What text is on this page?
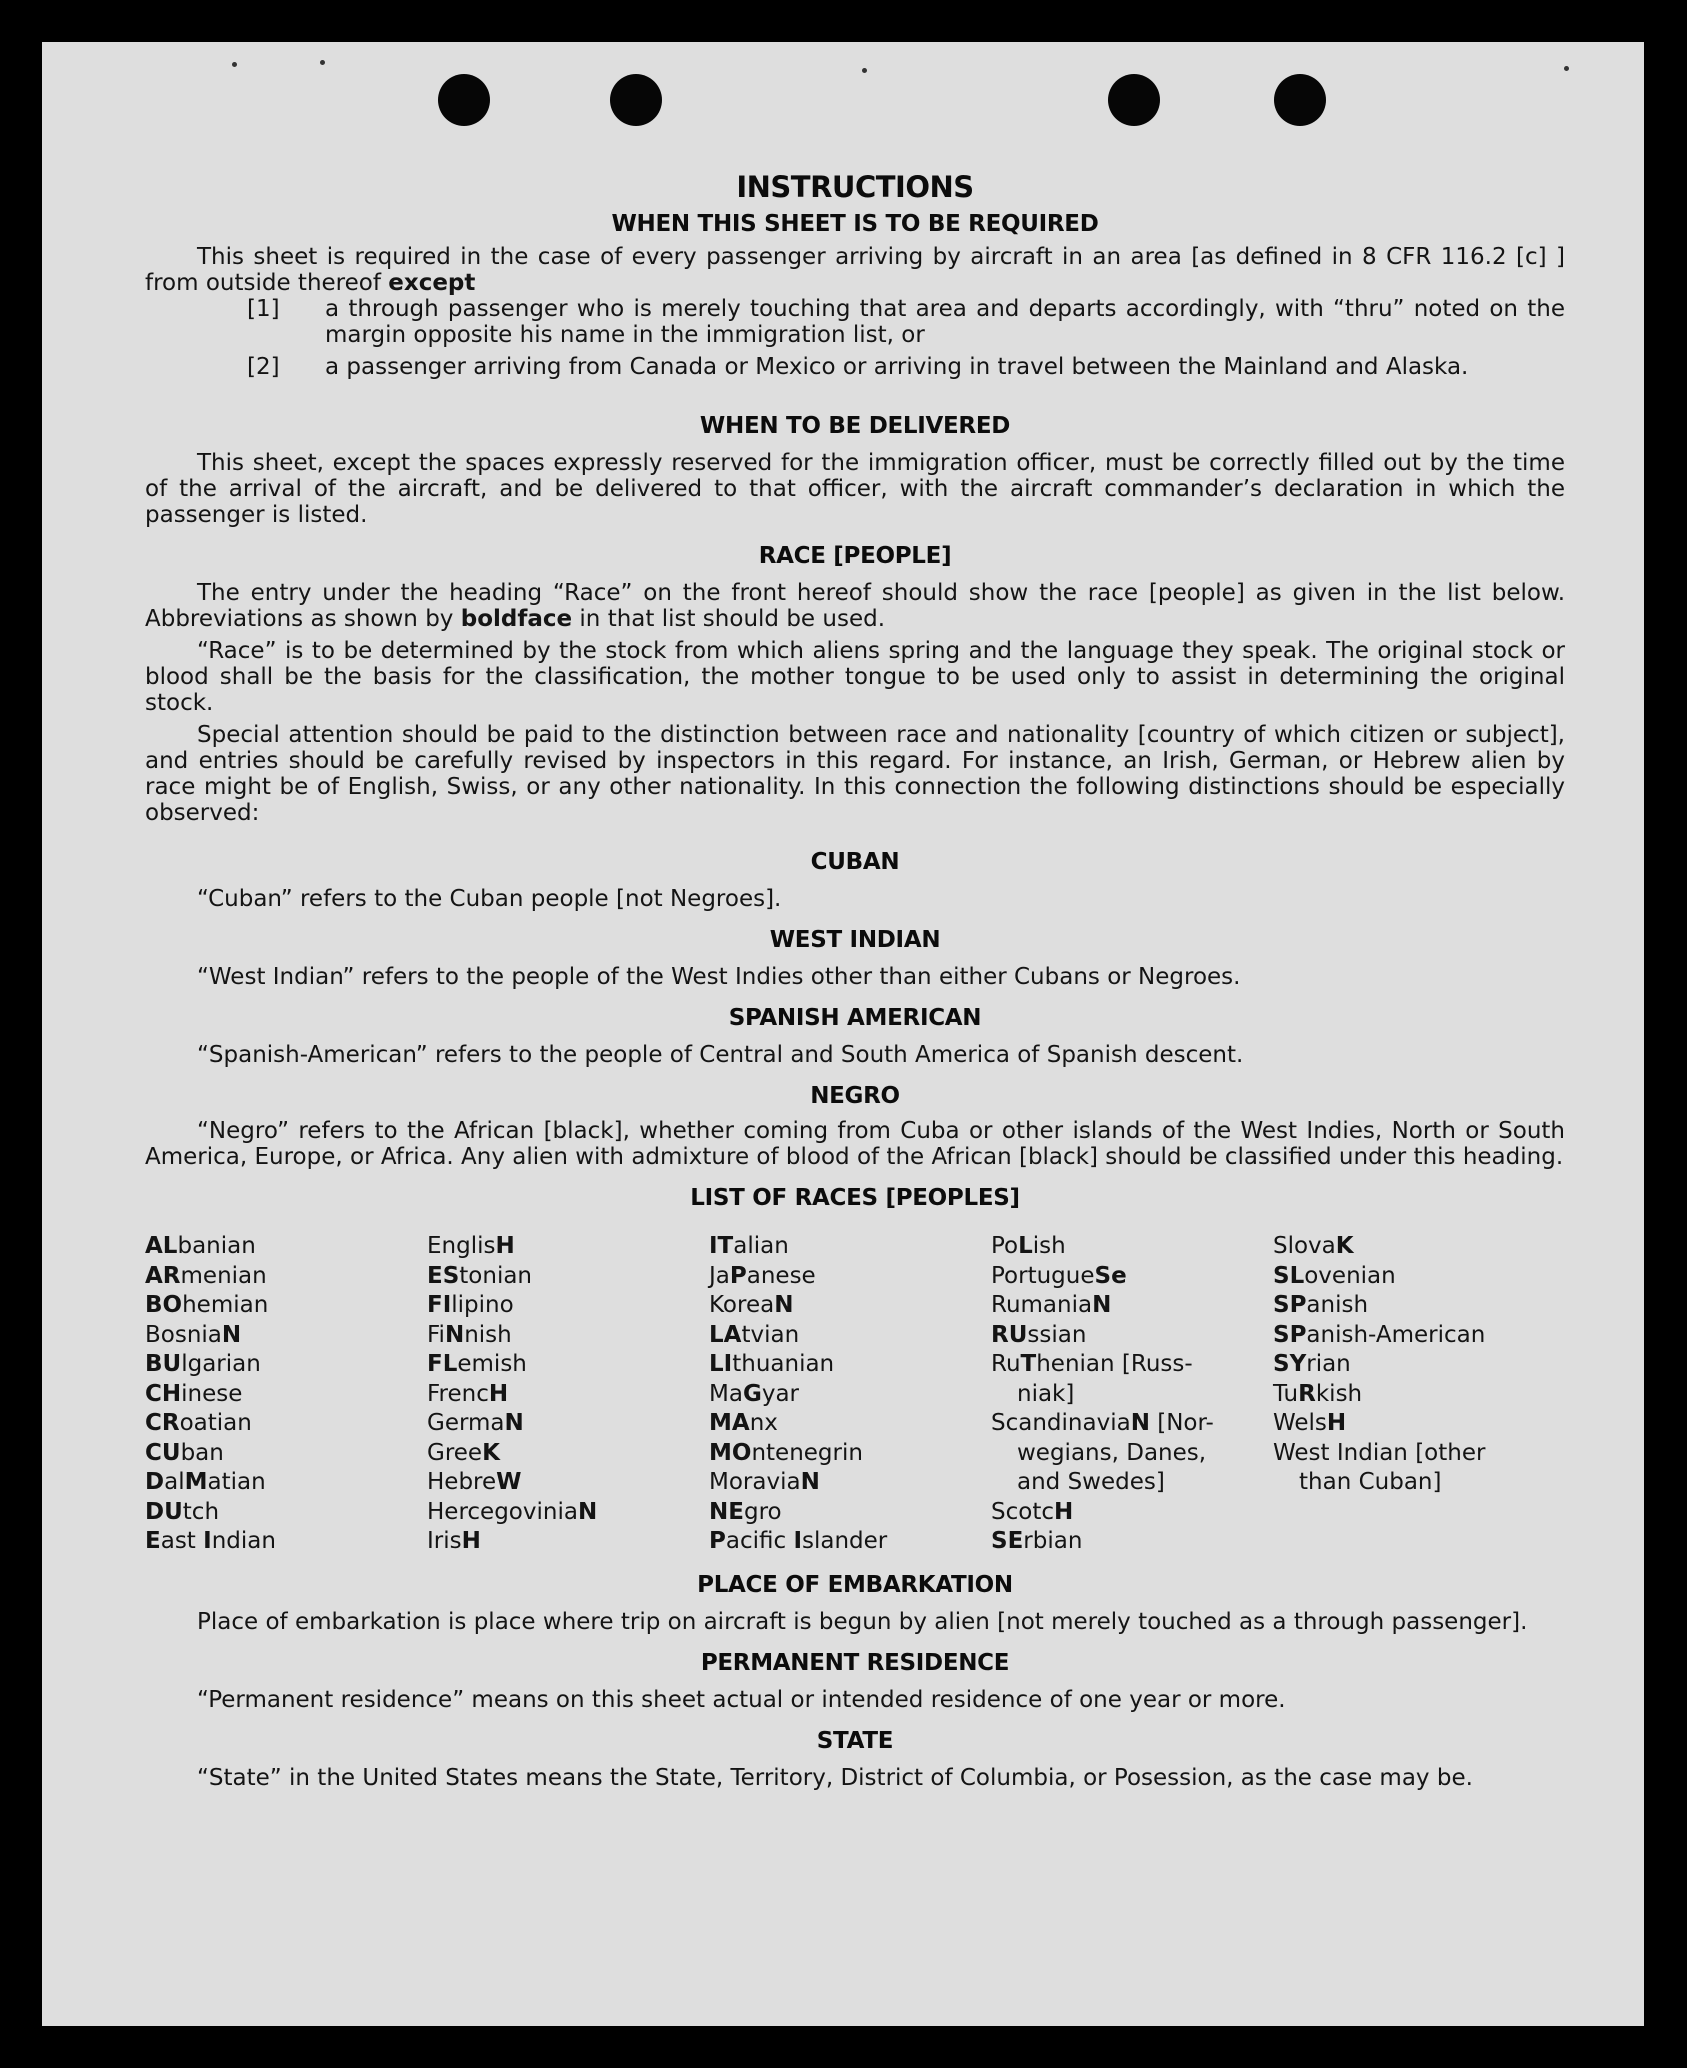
INSTRUCTIONS
WHEN THIS SHEET IS TO BE REQUIRED

This sheet is required in the case of every passenger arriving by aircraft in an area [as defined in 8 CFR 116.2 [c] ] from outside thereof except

[1] a through passenger who is merely touching that area and departs accordingly, with “thru” noted on the margin opposite his name in the immigration list, or

[2] a passenger arriving from Canada or Mexico or arriving in travel between the Mainland and Alaska.

WHEN TO BE DELIVERED

This sheet, except the spaces expressly reserved for the immigration officer, must be correctly filled out by the time of the arrival of the aircraft, and be delivered to that officer, with the aircraft commander’s declaration in which the passenger is listed.

RACE [PEOPLE]

The entry under the heading “Race” on the front hereof should show the race [people] as given in the list below. Abbreviations as shown by boldface in that list should be used.

“Race” is to be determined by the stock from which aliens spring and the language they speak. The original stock or blood shall be the basis for the classification, the mother tongue to be used only to assist in determining the original stock.

Special attention should be paid to the distinction between race and nationality [country of which citizen or subject], and entries should be carefully revised by inspectors in this regard. For instance, an Irish, German, or Hebrew alien by race might be of English, Swiss, or any other nationality. In this connection the following distinctions should be especially observed:

CUBAN

“Cuban” refers to the Cuban people [not Negroes].

WEST INDIAN

“West Indian” refers to the people of the West Indies other than either Cubans or Negroes.

SPANISH AMERICAN

“Spanish-American” refers to the people of Central and South America of Spanish descent.

NEGRO

“Negro” refers to the African [black], whether coming from Cuba or other islands of the West Indies, North or South America, Europe, or Africa. Any alien with admixture of blood of the African [black] should be classified under this heading.

LIST OF RACES [PEOPLES]
ALbanian
ARmenian
BOhemian
BosniaN
BUlgarian
CHinese
CRoatian
CUban
DalMatian
DUtch
East Indian
EnglisH
EStonian
FIlipino
FiNnish
FLemish
FrencH
GermaN
GreeK
HebreW
HercegoviniaN
IrisH
ITalian
JaPanese
KoreaN
LAtvian
LIthuanian
MaGyar
MAnx
MOntenegrin
MoraviaN
NEgro
Pacific Islander
PoLish
PortugueSe
RumaniaN
RUssian
RuThenian [Russ-
niak]
ScandinaviaN [Nor-
wegians, Danes,
and Swedes]
ScotcH
SErbian
SlovaK
SLovenian
SPanish
SPanish-American
SYrian
TuRkish
WelsH
West Indian [other
than Cuban]
PLACE OF EMBARKATION

Place of embarkation is place where trip on aircraft is begun by alien [not merely touched as a through passenger].

PERMANENT RESIDENCE

“Permanent residence” means on this sheet actual or intended residence of one year or more.

STATE

“State” in the United States means the State, Territory, District of Columbia, or Posession, as the case may be.
